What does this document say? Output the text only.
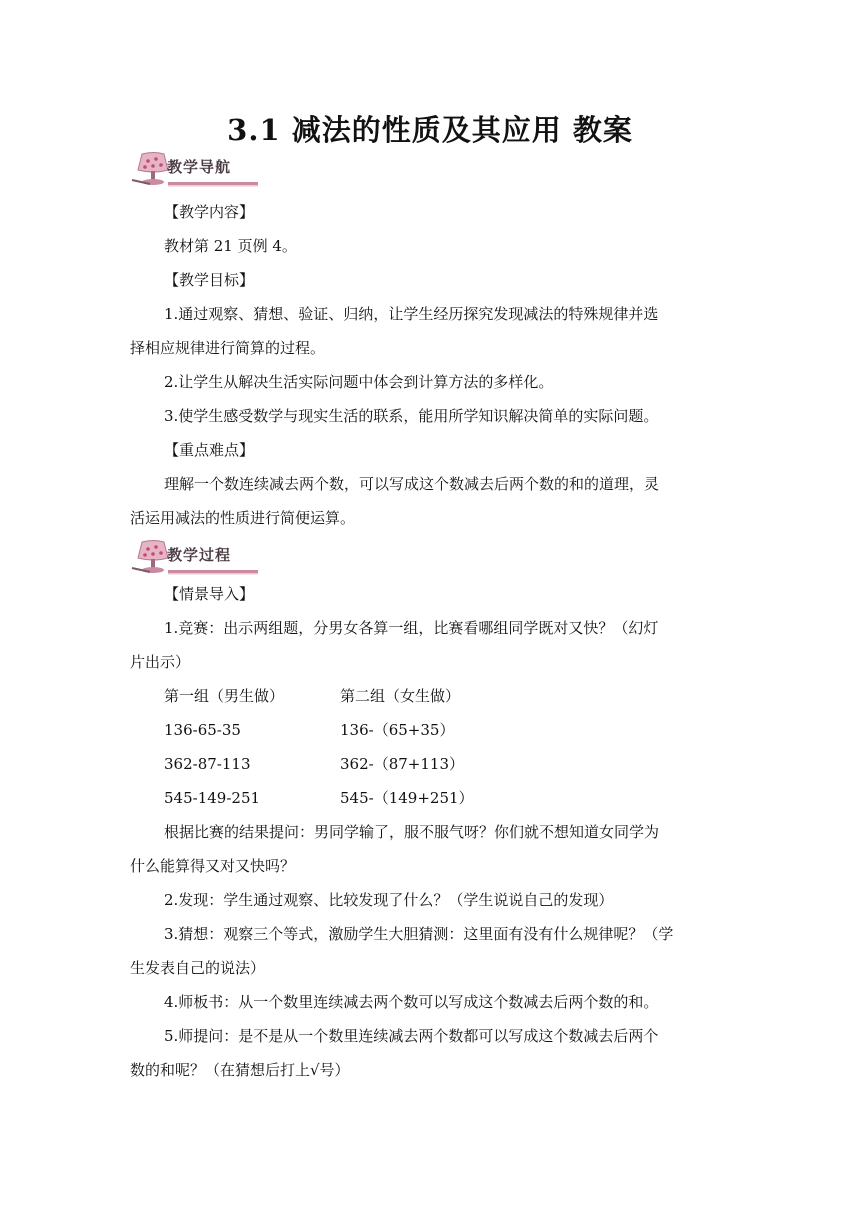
3.1 减法的性质及其应用 教案
教学导航
【教学内容】
教材第 21 页例 4。
【教学目标】
1.通过观察、猜想、验证、归纳，让学生经历探究发现减法的特殊规律并选
择相应规律进行简算的过程。
2.让学生从解决生活实际问题中体会到计算方法的多样化。
3.使学生感受数学与现实生活的联系，能用所学知识解决简单的实际问题。
【重点难点】
理解一个数连续减去两个数，可以写成这个数减去后两个数的和的道理，灵
活运用减法的性质进行简便运算。
教学过程
【情景导入】
1.竞赛：出示两组题，分男女各算一组，比赛看哪组同学既对又快？（幻灯
片出示）
第一组（男生做）	第二组（女生做）
136-65-35	136-（65+35）
362-87-113	362-（87+113）
545-149-251	545-（149+251）
根据比赛的结果提问：男同学输了，服不服气呀？你们就不想知道女同学为
什么能算得又对又快吗？
2.发现：学生通过观察、比较发现了什么？（学生说说自己的发现）
3.猜想：观察三个等式，激励学生大胆猜测：这里面有没有什么规律呢？（学
生发表自己的说法）
4.师板书：从一个数里连续减去两个数可以写成这个数减去后两个数的和。
5.师提问：是不是从一个数里连续减去两个数都可以写成这个数减去后两个
数的和呢？（在猜想后打上√号）
